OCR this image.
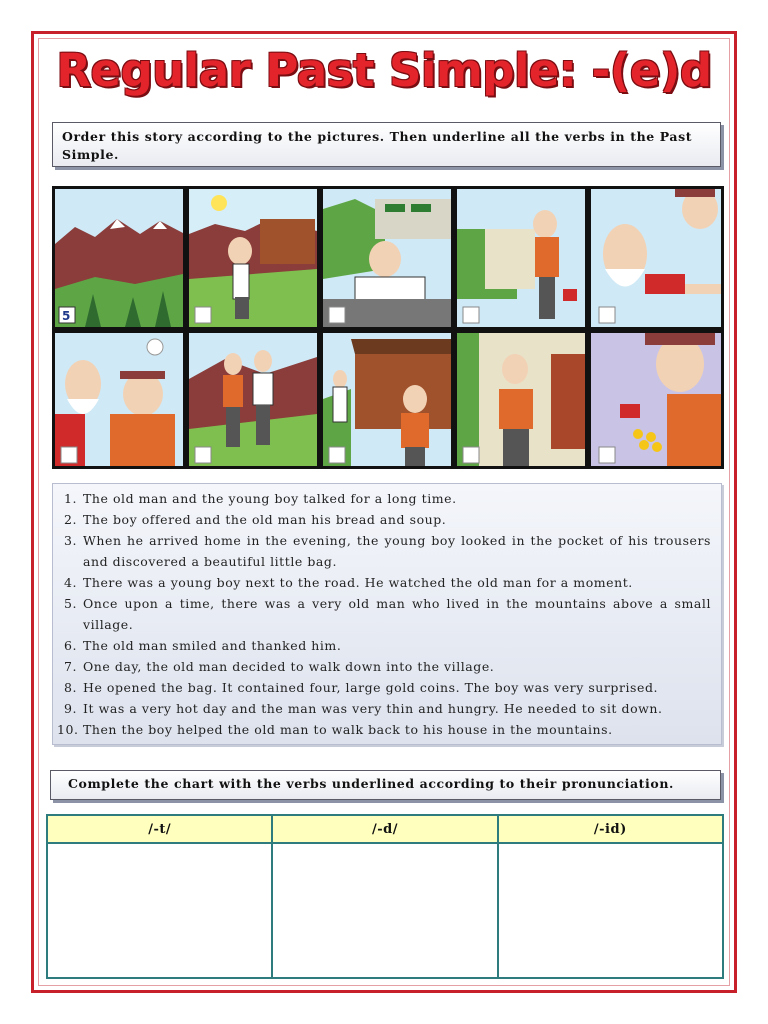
Regular Past Simple: -(e)d
Order this story according to the pictures. Then underline all the verbs in the Past Simple.
5
1. The old man and the young boy talked for a long time.
2. The boy offered and the old man his bread and soup.
3. When he arrived home in the evening, the young boy looked in the pocket of his trousers and discovered a beautiful little bag.
4. There was a young boy next to the road. He watched the old man for a moment.
5. Once upon a time, there was a very old man who lived in the mountains above a small village.
6. The old man smiled and thanked him.
7. One day, the old man decided to walk down into the village.
8. He opened the bag. It contained four, large gold coins. The boy was very surprised.
9. It was a very hot day and the man was very thin and hungry. He needed to sit down.
10. Then the boy helped the old man to walk back to his house in the mountains.
Complete the chart with the verbs underlined according to their pronunciation.
/-t/	/-d/	/-id)
